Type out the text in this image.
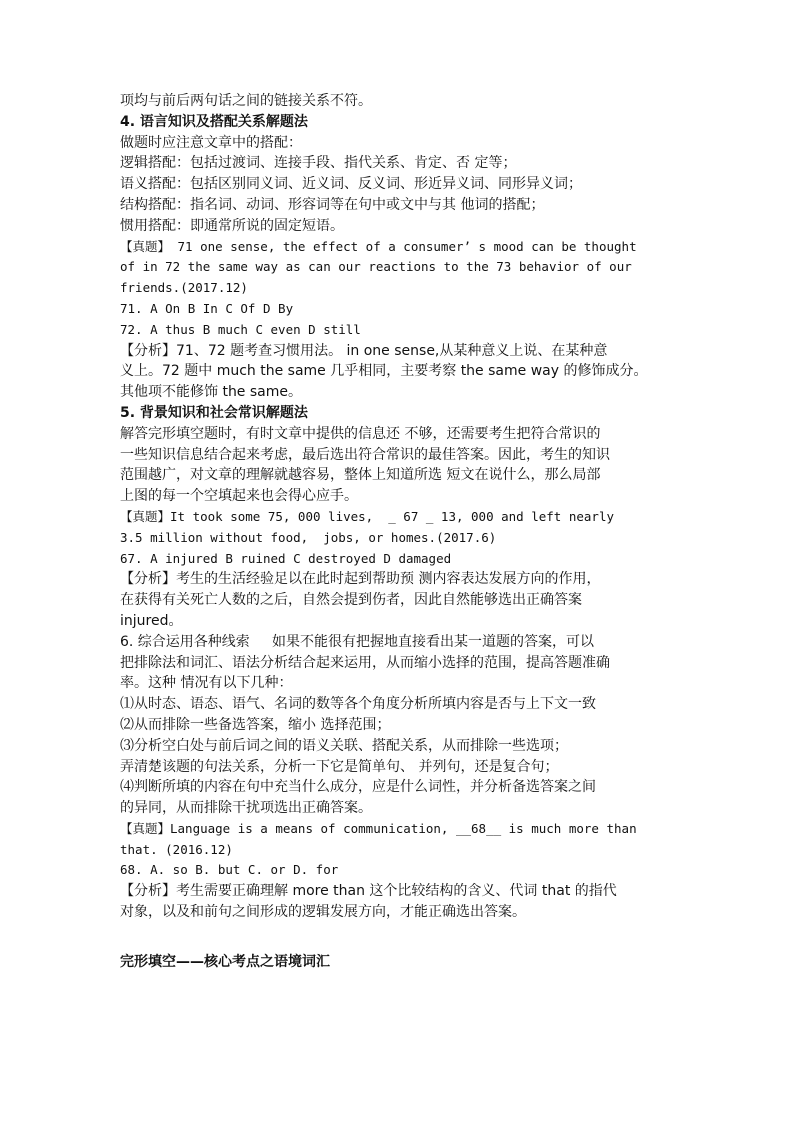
项均与前后两句话之间的链接关系不符。
4. 语言知识及搭配关系解题法
做题时应注意文章中的搭配：
逻辑搭配：包括过渡词、连接手段、指代关系、肯定、否 定等；
语义搭配：包括区别同义词、近义词、反义词、形近异义词、同形异义词；
结构搭配：指名词、动词、形容词等在句中或文中与其 他词的搭配；
惯用搭配：即通常所说的固定短语。
【真题】 71 one sense, the effect of a consumer’ s mood can be thought
of in 72 the same way as can our reactions to the 73 behavior of our
friends.(2017.12)
71. A On B In C Of D By
72. A thus B much C even D still
【分析】71、72 题考查习惯用法。 in one sense,从某种意义上说、在某种意
义上。72 题中 much the same 几乎相同，主要考察 the same way 的修饰成分。
其他项不能修饰 the same。
5. 背景知识和社会常识解题法
解答完形填空题时，有时文章中提供的信息还 不够，还需要考生把符合常识的
一些知识信息结合起来考虑，最后选出符合常识的最佳答案。因此，考生的知识
范围越广，对文章的理解就越容易，整体上知道所选 短文在说什么，那么局部
上图的每一个空填起来也会得心应手。
【真题】It took some 75, 000 lives,  _ 67 _ 13, 000 and left nearly
3.5 million without food,  jobs, or homes.(2017.6)
67. A injured B ruined C destroyed D damaged
【分析】考生的生活经验足以在此时起到帮助预 测内容表达发展方向的作用，
在获得有关死亡人数的之后，自然会提到伤者，因此自然能够选出正确答案
injured。
6. 综合运用各种线索     如果不能很有把握地直接看出某一道题的答案，可以
把排除法和词汇、语法分析结合起来运用，从而缩小选择的范围，提高答题准确
率。这种 情况有以下几种：
⑴从时态、语态、语气、名词的数等各个角度分析所填内容是否与上下文一致
⑵从而排除一些备选答案，缩小 选择范围；
⑶分析空白处与前后词之间的语义关联、搭配关系，从而排除一些选项；
弄清楚该题的句法关系，分析一下它是简单句、 并列句，还是复合句；
⑷判断所填的内容在句中充当什么成分，应是什么词性，并分析备选答案之间
的异同，从而排除干扰项选出正确答案。
【真题】Language is a means of communication, __68__ is much more than
that. (2016.12)
68. A. so B. but C. or D. for
【分析】考生需要正确理解 more than 这个比较结构的含义、代词 that 的指代
对象，以及和前句之间形成的逻辑发展方向，才能正确选出答案。
完形填空——核心考点之语境词汇
